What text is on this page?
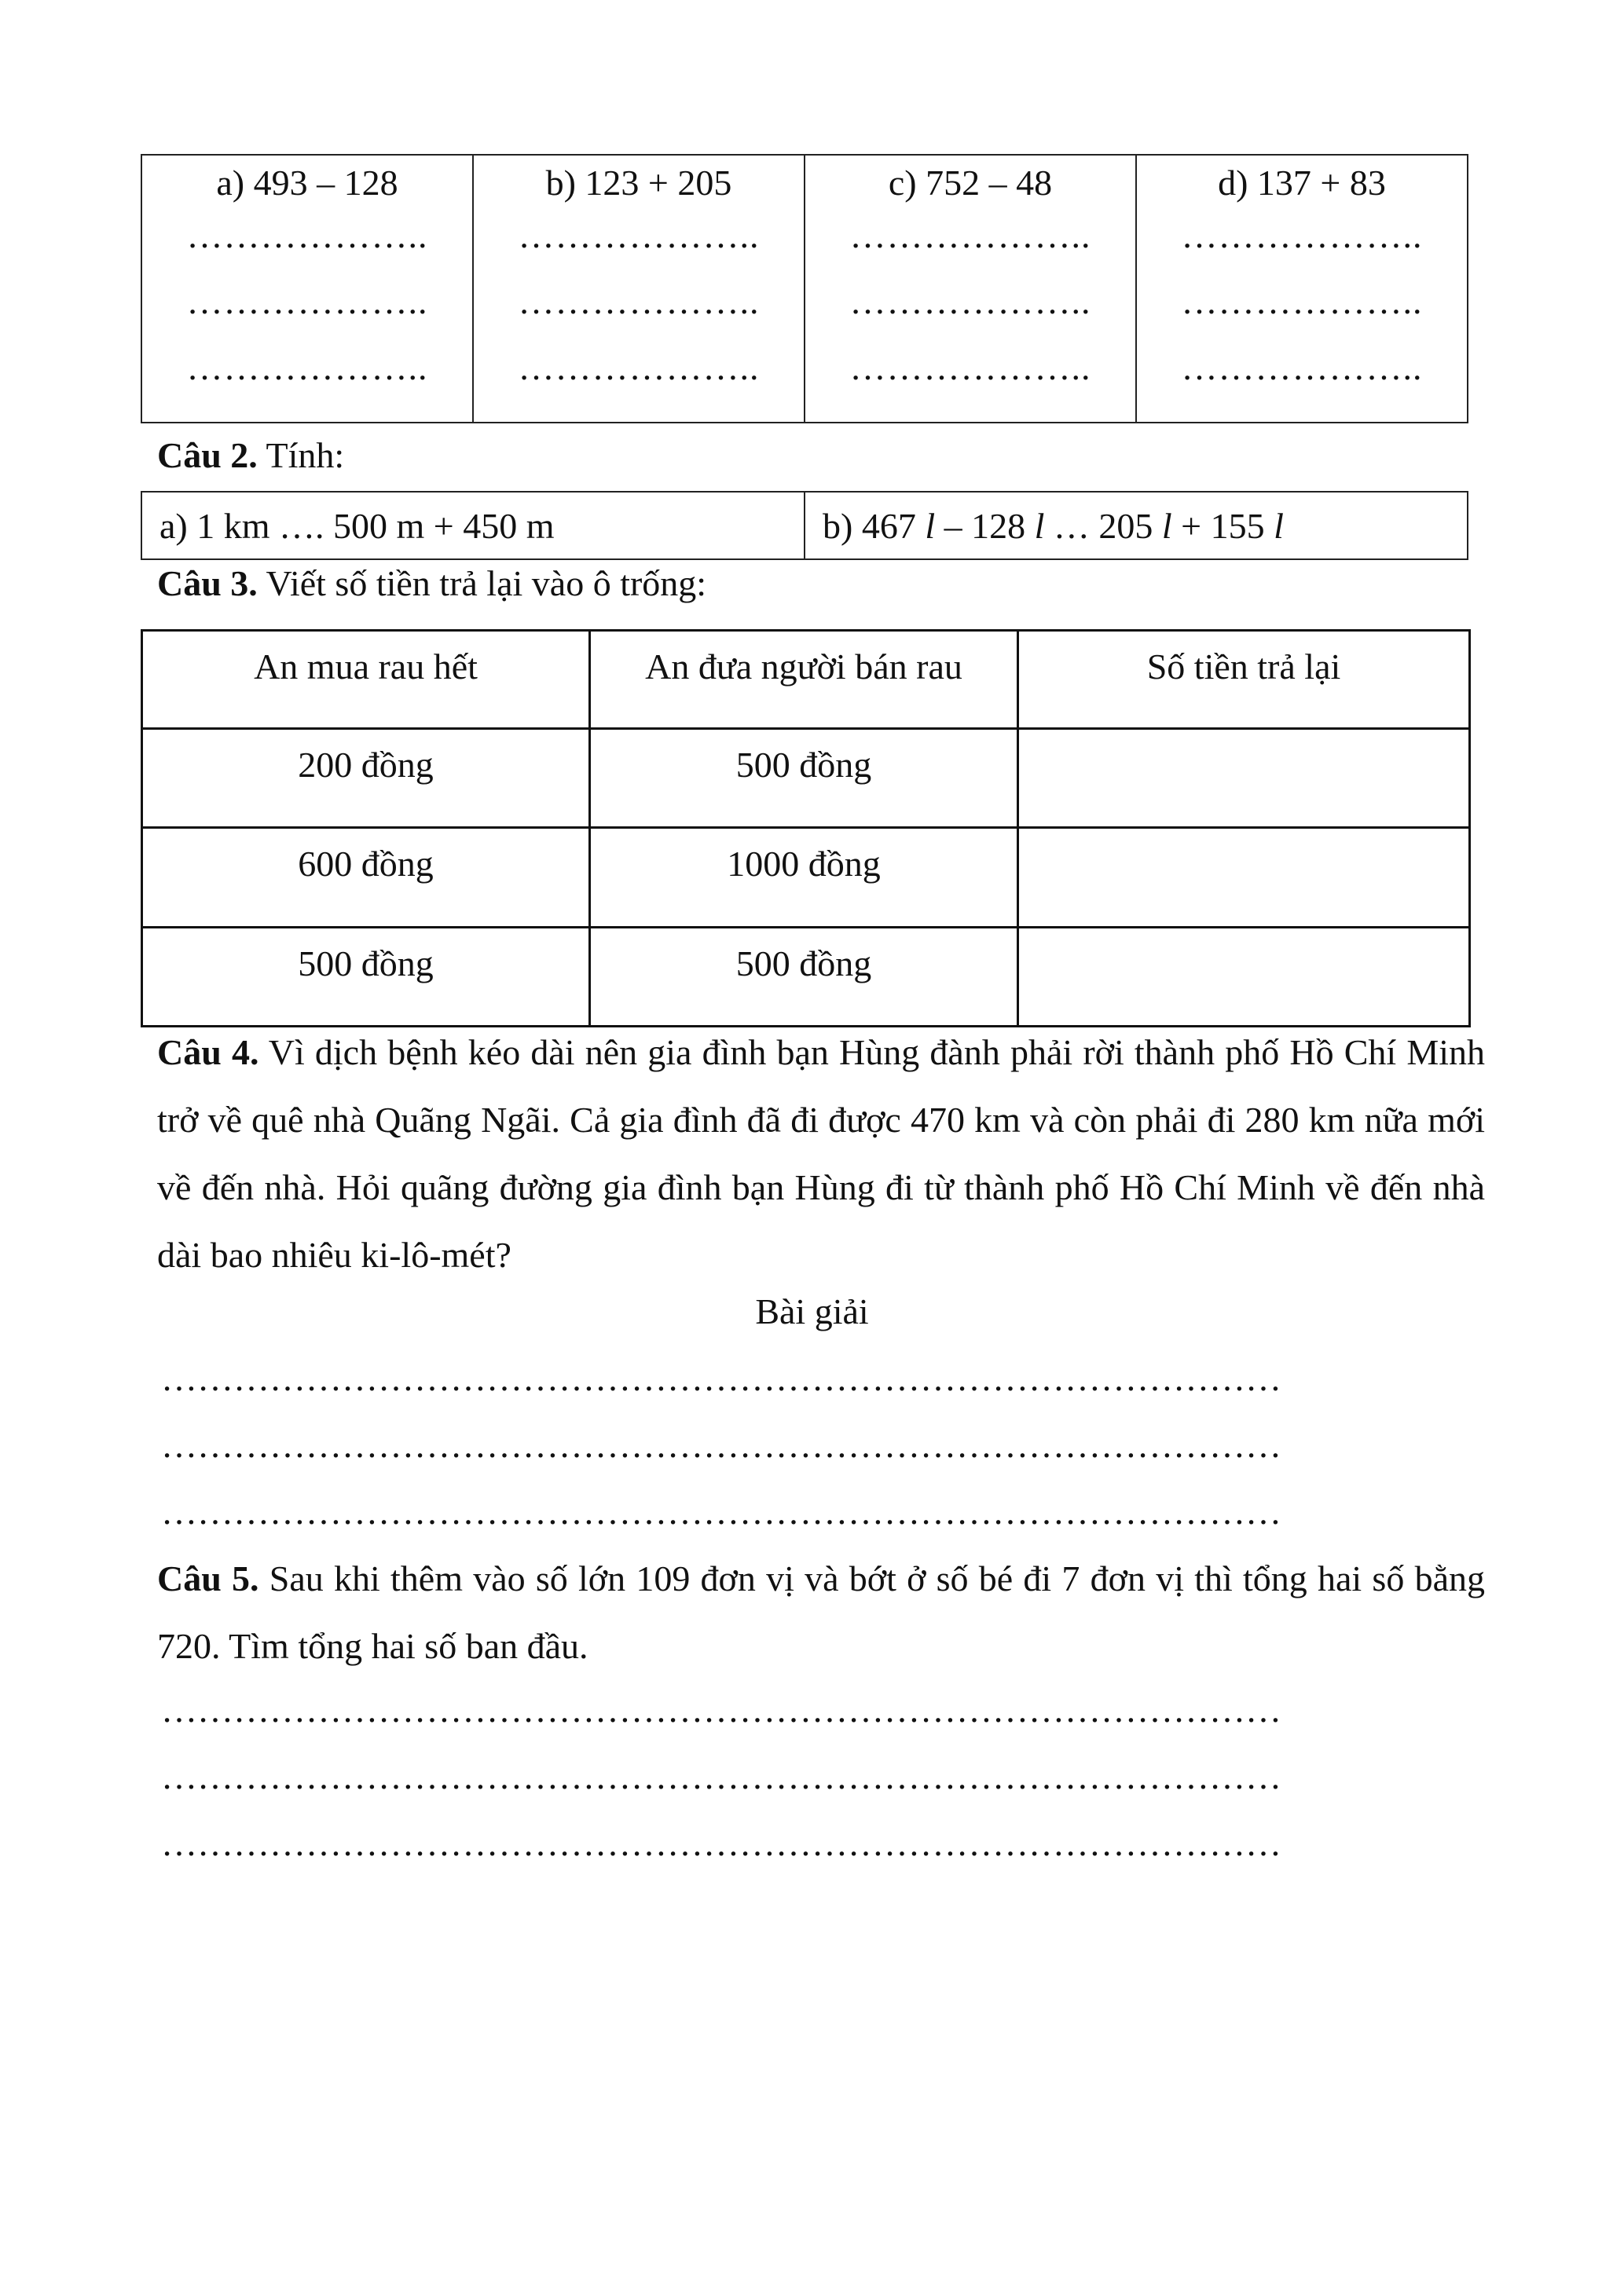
a) 493 – 128
………………..
………………..
………………..

b) 123 + 205
………………..
………………..
………………..

c) 752 – 48
………………..
………………..
………………..

d) 137 + 83
………………..
………………..
………………..
Câu 2. Tính:
a) 1 km …. 500 m + 450 m	b) 467 l – 128 l … 205 l + 155 l
Câu 3. Viết số tiền trả lại vào ô trống:
An mua rau hết	An đưa người bán rau	Số tiền trả lại
200 đồng	500 đồng	
600 đồng	1000 đồng	
500 đồng	500 đồng	
Câu 4. Vì dịch bệnh kéo dài nên gia đình bạn Hùng đành phải rời thành phố Hồ Chí Minh trở về quê nhà Quãng Ngãi. Cả gia đình đã đi được 470 km và còn phải đi 280 km nữa mới về đến nhà. Hỏi quãng đường gia đình bạn Hùng đi từ thành phố Hồ Chí Minh về đến nhà dài bao nhiêu ki-lô-mét?
Bài giải
…………………………………………………………………………………
…………………………………………………………………………………
…………………………………………………………………………………
Câu 5. Sau khi thêm vào số lớn 109 đơn vị và bớt ở số bé đi 7 đơn vị thì tổng hai số bằng 720. Tìm tổng hai số ban đầu.
…………………………………………………………………………………
…………………………………………………………………………………
…………………………………………………………………………………
